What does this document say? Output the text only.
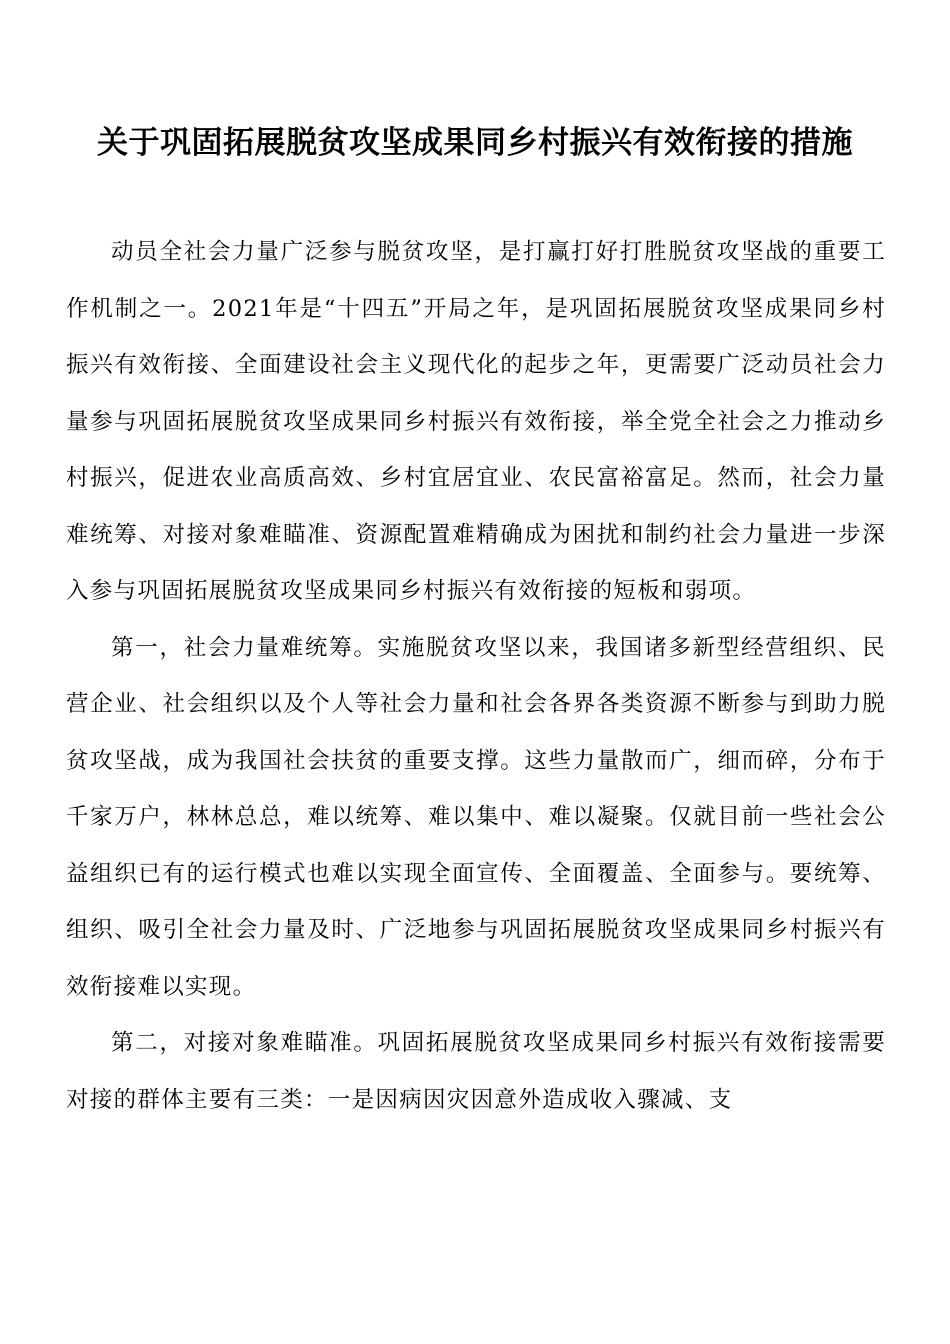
关于巩固拓展脱贫攻坚成果同乡村振兴有效衔接的措施

动员全社会力量广泛参与脱贫攻坚，是打赢打好打胜脱贫攻坚战的重要工作机制之一。2021年是“十四五”开局之年，是巩固拓展脱贫攻坚成果同乡村振兴有效衔接、全面建设社会主义现代化的起步之年，更需要广泛动员社会力量参与巩固拓展脱贫攻坚成果同乡村振兴有效衔接，举全党全社会之力推动乡村振兴，促进农业高质高效、乡村宜居宜业、农民富裕富足。然而，社会力量难统筹、对接对象难瞄准、资源配置难精确成为困扰和制约社会力量进一步深入参与巩固拓展脱贫攻坚成果同乡村振兴有效衔接的短板和弱项。

第一，社会力量难统筹。实施脱贫攻坚以来，我国诸多新型经营组织、民营企业、社会组织以及个人等社会力量和社会各界各类资源不断参与到助力脱贫攻坚战，成为我国社会扶贫的重要支撑。这些力量散而广，细而碎，分布于千家万户，林林总总，难以统筹、难以集中、难以凝聚。仅就目前一些社会公益组织已有的运行模式也难以实现全面宣传、全面覆盖、全面参与。要统筹、组织、吸引全社会力量及时、广泛地参与巩固拓展脱贫攻坚成果同乡村振兴有效衔接难以实现。

第二，对接对象难瞄准。巩固拓展脱贫攻坚成果同乡村振兴有效衔接需要对接的群体主要有三类：一是因病因灾因意外造成收入骤减、支
